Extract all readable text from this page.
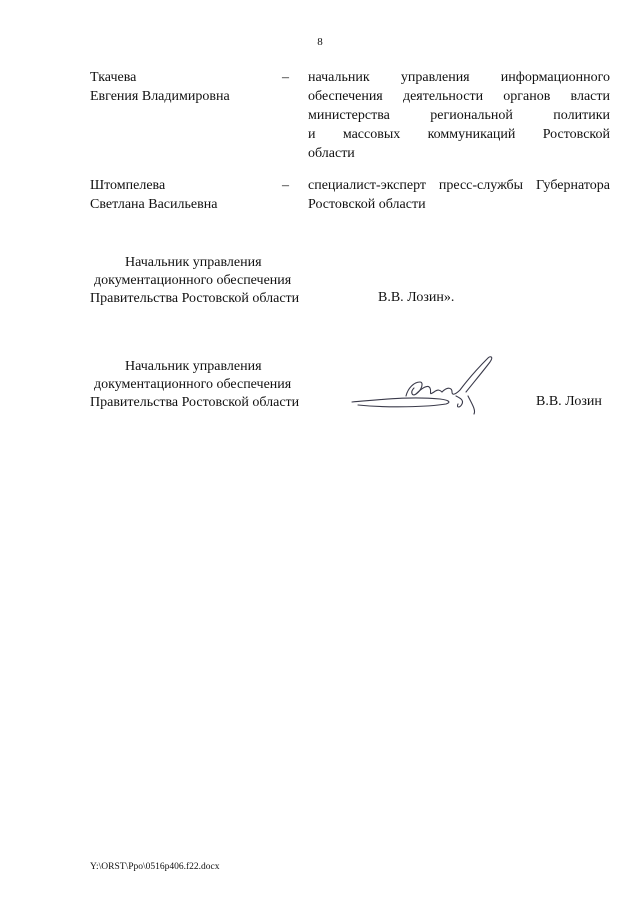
8
Ткачева
Евгения Владимировна
– начальник управления информационного
обеспечения деятельности органов власти
министерства региональной политики
и массовых коммуникаций Ростовской
области
Штомпелева
Светлана Васильевна
– специалист-эксперт пресс-службы Губернатора
Ростовской области
Начальник управления
документационного обеспечения
Правительства Ростовской области	В.В. Лозин».
Начальник управления
документационного обеспечения
Правительства Ростовской области	В.В. Лозин
Y:\ORST\Ppo\0516p406.f22.docx
